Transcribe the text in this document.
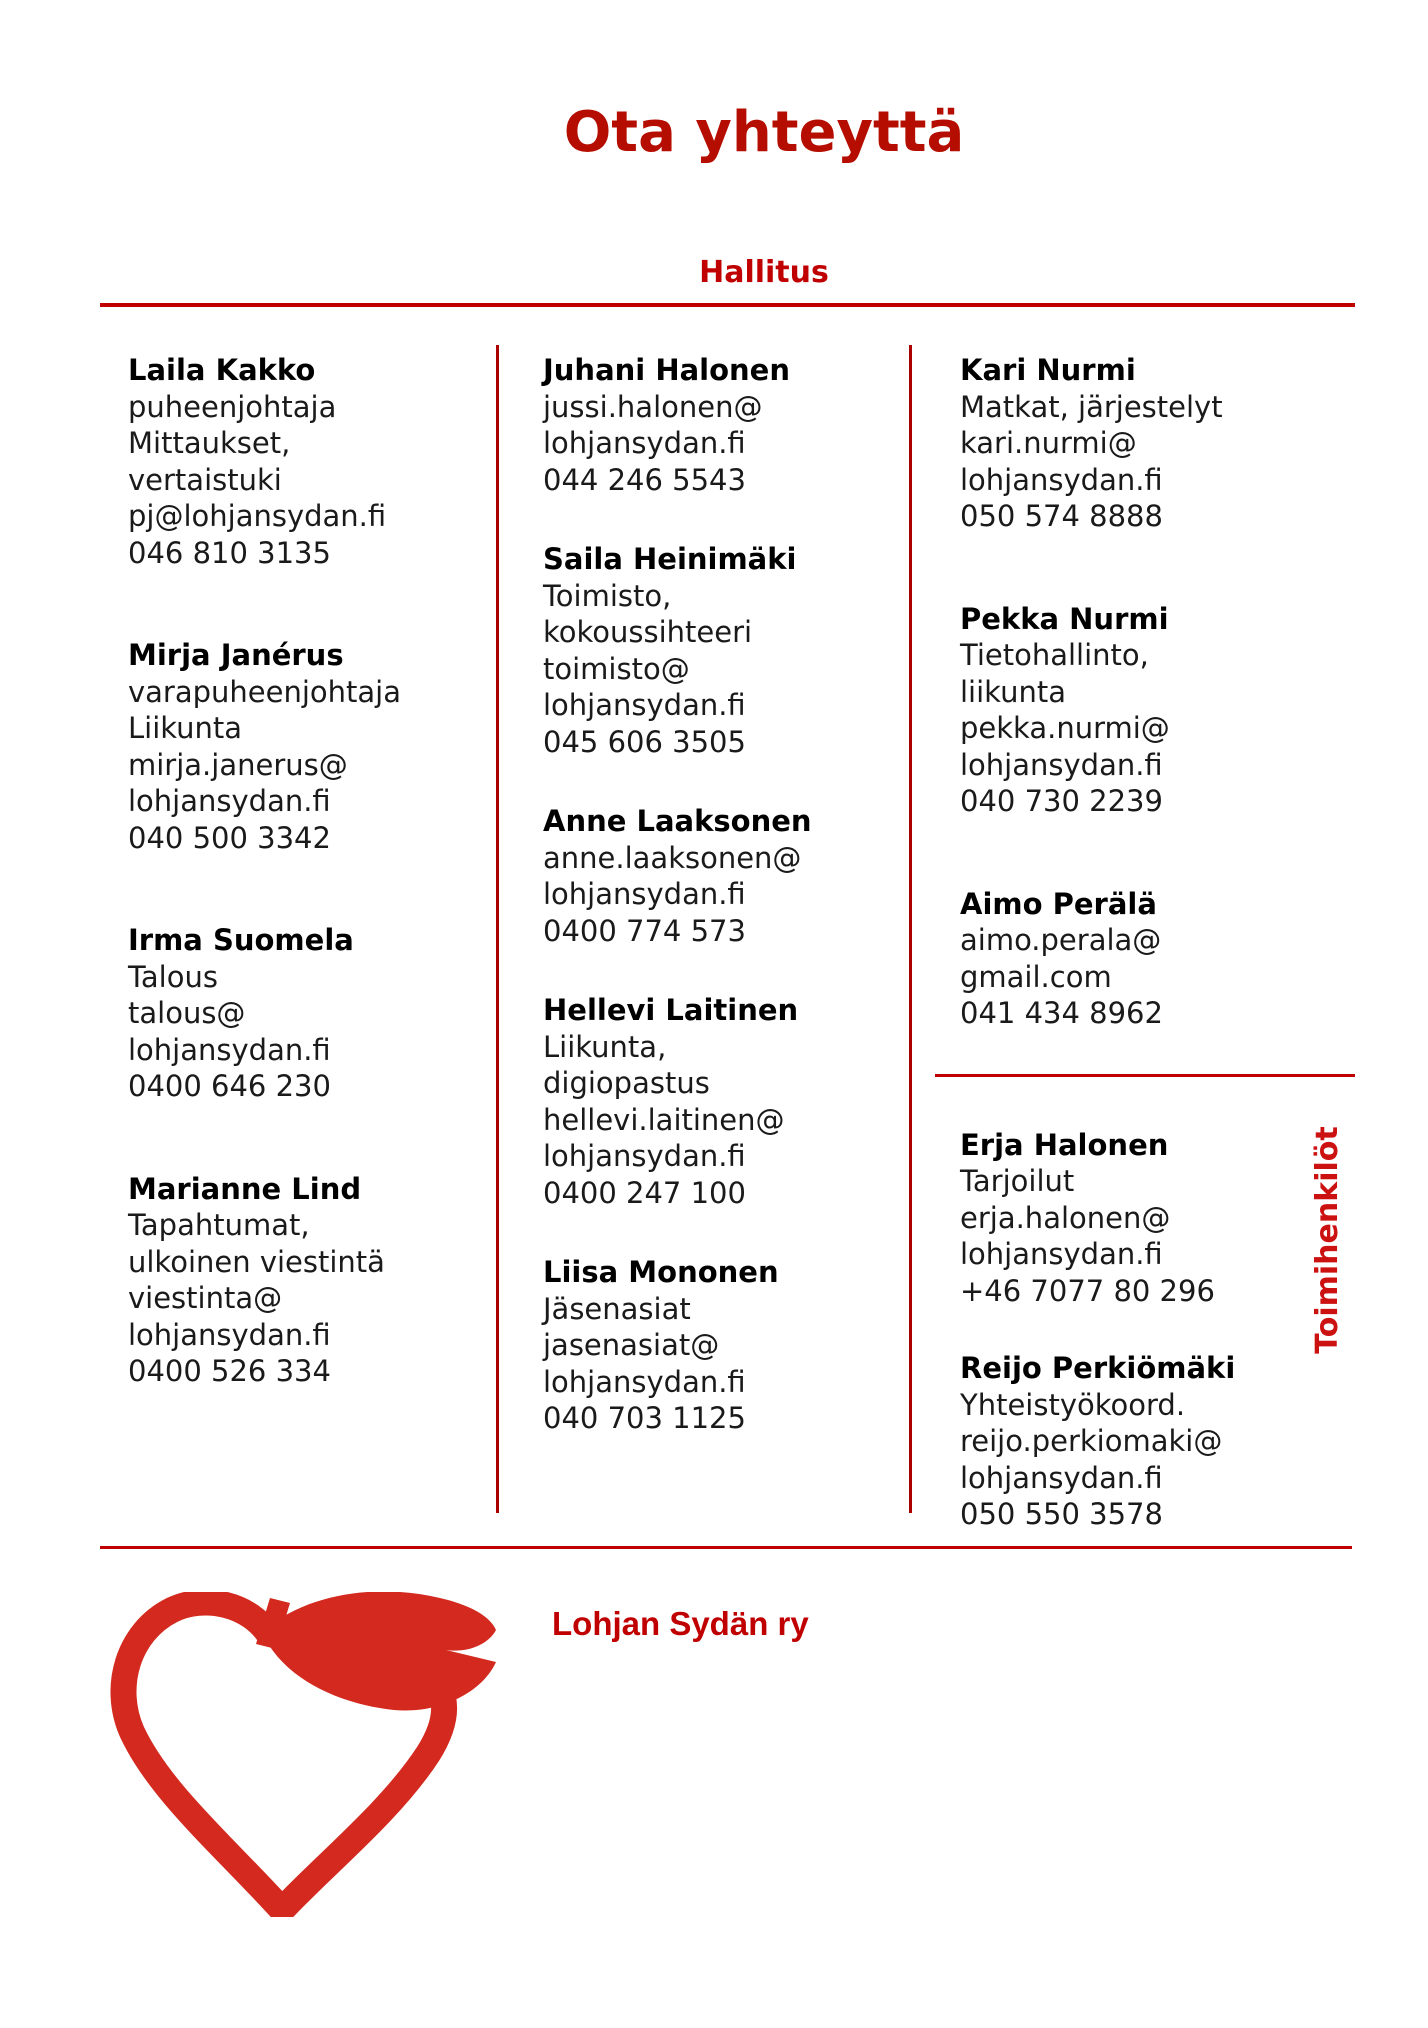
Ota yhteyttä
Hallitus
Laila Kakko
puheenjohtaja
Mittaukset,
vertaistuki
pj@lohjansydan.fi
046 810 3135
Mirja Janérus
varapuheenjohtaja
Liikunta
mirja.janerus@
lohjansydan.fi
040 500 3342
Irma Suomela
Talous
talous@
lohjansydan.fi
0400 646 230
Marianne Lind
Tapahtumat,
ulkoinen viestintä
viestinta@
lohjansydan.fi
0400 526 334
Juhani Halonen
jussi.halonen@
lohjansydan.fi
044 246 5543
Saila Heinimäki
Toimisto,
kokoussihteeri
toimisto@
lohjansydan.fi
045 606 3505
Anne Laaksonen
anne.laaksonen@
lohjansydan.fi
0400 774 573
Hellevi Laitinen
Liikunta,
digiopastus
hellevi.laitinen@
lohjansydan.fi
0400 247 100
Liisa Mononen
Jäsenasiat
jasenasiat@
lohjansydan.fi
040 703 1125
Kari Nurmi
Matkat, järjestelyt
kari.nurmi@
lohjansydan.fi
050 574 8888
Pekka Nurmi
Tietohallinto,
liikunta
pekka.nurmi@
lohjansydan.fi
040 730 2239
Aimo Perälä
aimo.perala@
gmail.com
041 434 8962
Erja Halonen
Tarjoilut
erja.halonen@
lohjansydan.fi
+46 7077 80 296
Reijo Perkiömäki
Yhteistyökoord.
reijo.perkiomaki@
lohjansydan.fi
050 550 3578
Toimihenkilöt
Lohjan Sydän ry
